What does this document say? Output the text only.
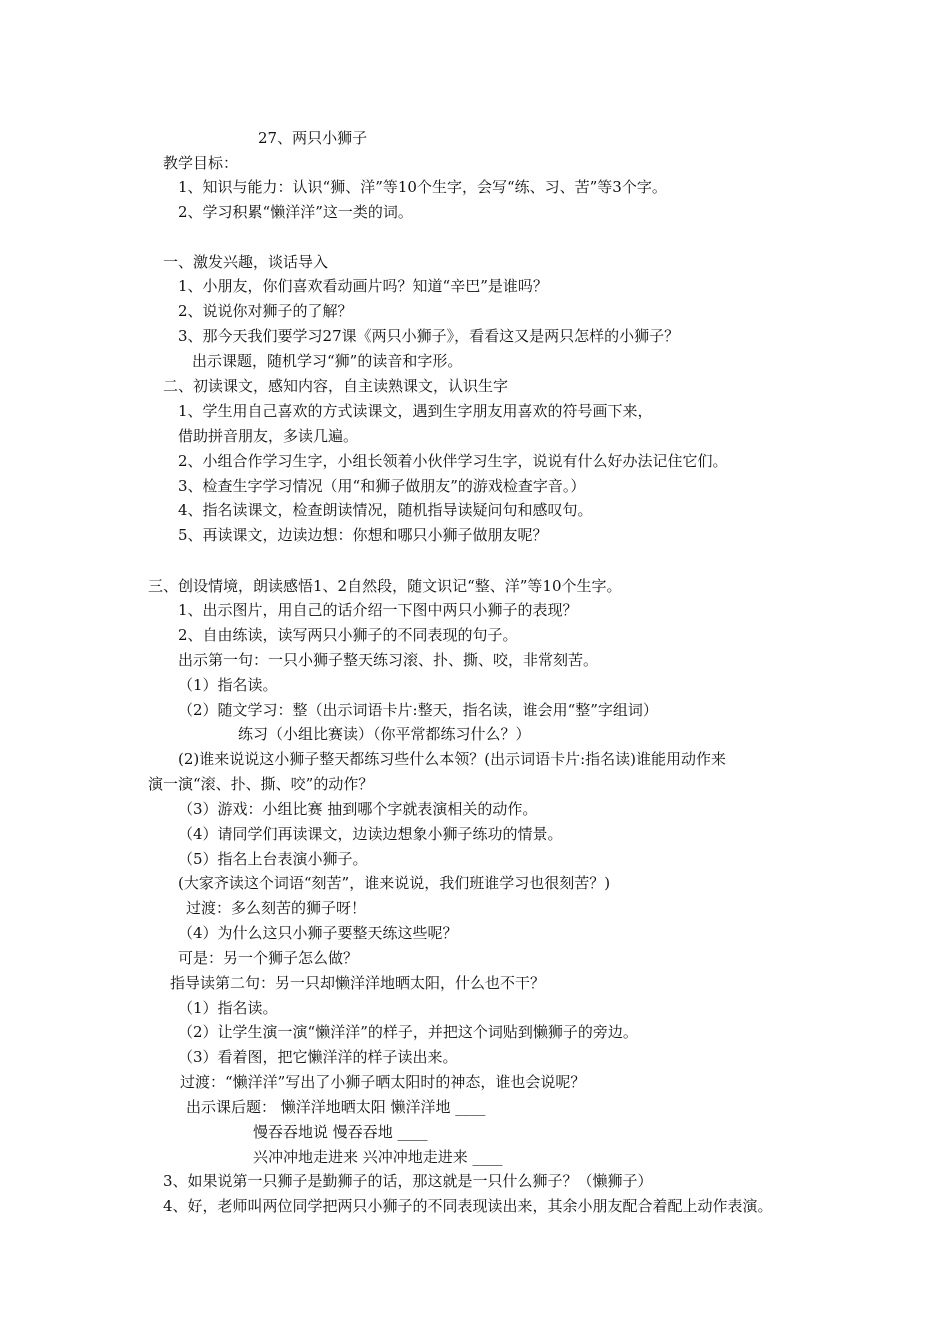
27、两只小狮子
教学目标：
1、知识与能力：认识“狮、洋”等10个生字，会写“练、习、苦”等3个字。
2、学习积累“懒洋洋”这一类的词。
一、激发兴趣，谈话导入
1、小朋友，你们喜欢看动画片吗？知道“辛巴”是谁吗？
2、说说你对狮子的了解？
3、那今天我们要学习27课《两只小狮子》，看看这又是两只怎样的小狮子？
出示课题，随机学习“狮”的读音和字形。
二、初读课文，感知内容，自主读熟课文，认识生字
1、学生用自己喜欢的方式读课文，遇到生字朋友用喜欢的符号画下来，
借助拼音朋友，多读几遍。
2、小组合作学习生字，小组长领着小伙伴学习生字，说说有什么好办法记住它们。
3、检查生字学习情况（用“和狮子做朋友”的游戏检查字音。）
4、指名读课文，检查朗读情况，随机指导读疑问句和感叹句。
5、再读课文，边读边想：你想和哪只小狮子做朋友呢？
三、创设情境，朗读感悟1、2自然段，随文识记“整、洋”等10个生字。
1、出示图片，用自己的话介绍一下图中两只小狮子的表现？
2、自由练读，读写两只小狮子的不同表现的句子。
出示第一句：一只小狮子整天练习滚、扑、撕、咬，非常刻苦。
（1）指名读。
（2）随文学习：整（出示词语卡片:整天，指名读，谁会用“整”字组词）
练习（小组比赛读）（你平常都练习什么？）
(2)谁来说说这小狮子整天都练习些什么本领？(出示词语卡片:指名读)谁能用动作来
演一演“滚、扑、撕、咬”的动作？
（3）游戏：小组比赛 抽到哪个字就表演相关的动作。
（4）请同学们再读课文，边读边想象小狮子练功的情景。
（5）指名上台表演小狮子。
(大家齐读这个词语“刻苦”，谁来说说，我们班谁学习也很刻苦？)
过渡：多么刻苦的狮子呀！
（4）为什么这只小狮子要整天练这些呢？
可是：另一个狮子怎么做？
指导读第二句：另一只却懒洋洋地晒太阳，什么也不干？
（1）指名读。
（2）让学生演一演“懒洋洋”的样子，并把这个词贴到懒狮子的旁边。
（3）看着图，把它懒洋洋的样子读出来。
过渡：“懒洋洋”写出了小狮子晒太阳时的神态，谁也会说呢？
出示课后题： 懒洋洋地晒太阳 懒洋洋地 ____
慢吞吞地说 慢吞吞地 ____
兴冲冲地走进来 兴冲冲地走进来 ____
3、如果说第一只狮子是勤狮子的话，那这就是一只什么狮子？（懒狮子）
4、好，老师叫两位同学把两只小狮子的不同表现读出来，其余小朋友配合着配上动作表演。
